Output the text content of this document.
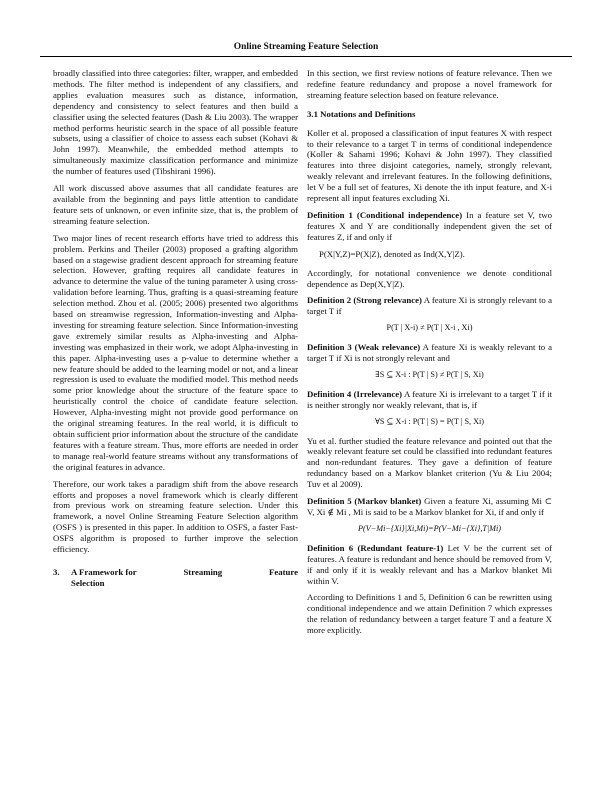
Online Streaming Feature Selection

broadly classified into three categories: filter, wrapper, and embedded methods. The filter method is independent of any classifiers, and applies evaluation measures such as distance, information, dependency and consistency to select features and then build a classifier using the selected features (Dash & Liu 2003). The wrapper method performs heuristic search in the space of all possible feature subsets, using a classifier of choice to assess each subset (Kohavi & John 1997). Meanwhile, the embedded method attempts to simultaneously maximize classification performance and minimize the number of features used (Tibshirani 1996).

All work discussed above assumes that all candidate features are available from the beginning and pays little attention to candidate feature sets of unknown, or even infinite size, that is, the problem of streaming feature selection.

Two major lines of recent research efforts have tried to address this problem. Perkins and Theiler (2003) proposed a grafting algorithm based on a stagewise gradient descent approach for streaming feature selection. However, grafting requires all candidate features in advance to determine the value of the tuning parameter λ using cross-validation before learning. Thus, grafting is a quasi-streaming feature selection method. Zhou et al. (2005; 2006) presented two algorithms based on streamwise regression, Information-investing and Alpha-investing for streaming feature selection. Since Information-investing gave extremely similar results as Alpha-investing and Alpha-investing was emphasized in their work, we adopt Alpha-investing in this paper. Alpha-investing uses a p-value to determine whether a new feature should be added to the learning model or not, and a linear regression is used to evaluate the modified model. This method needs some prior knowledge about the structure of the feature space to heuristically control the choice of candidate feature selection. However, Alpha-investing might not provide good performance on the original streaming features. In the real world, it is difficult to obtain sufficient prior information about the structure of the candidate features with a feature stream. Thus, more efforts are needed in order to manage real-world feature streams without any transformations of the original features in advance.

Therefore, our work takes a paradigm shift from the above research efforts and proposes a novel framework which is clearly different from previous work on streaming feature selection. Under this framework, a novel Online Streaming Feature Selection algorithm (OSFS ) is presented in this paper. In addition to OSFS, a faster Fast-OSFS algorithm is proposed to further improve the selection efficiency.

3.	A Framework for	Streaming	Feature
Selection

In this section, we first review notions of feature relevance. Then we redefine feature redundancy and propose a novel framework for streaming feature selection based on feature relevance.

3.1 Notations and Definitions

Koller et al. proposed a classification of input features X with respect to their relevance to a target T in terms of conditional independence (Koller & Sahami 1996; Kohavi & John 1997). They classified features into three disjoint categories, namely, strongly relevant, weakly relevant and irrelevant features. In the following definitions, let V be a full set of features, Xi denote the ith input feature, and X-i represent all input features excluding Xi.

Definition 1 (Conditional independence) In a feature set V, two features X and Y are conditionally independent given the set of features Z, if and only if

P(X|Y,Z)=P(X|Z), denoted as Ind(X,Y|Z).

Accordingly, for notational convenience we denote conditional dependence as Dep(X,Y|Z).

Definition 2 (Strong relevance) A feature Xi is strongly relevant to a target T if

P(T | X-i) ≠ P(T | X-i , Xi)

Definition 3 (Weak relevance) A feature Xi is weakly relevant to a target T if Xi is not strongly relevant and

∃S ⊆ X-i : P(T | S) ≠ P(T | S, Xi)

Definition 4 (Irrelevance) A feature Xi is irrelevant to a target T if it is neither strongly nor weakly relevant, that is, if

∀S ⊆ X-i : P(T | S) = P(T | S, Xi)

Yu et al. further studied the feature relevance and pointed out that the weakly relevant feature set could be classified into redundant features and non-redundant features. They gave a definition of feature redundancy based on a Markov blanket criterion (Yu & Liu 2004; Tuv et al 2009).

Definition 5 (Markov blanket) Given a feature Xi, assuming Mi ⊂ V, Xi ∉ Mi , Mi is said to be a Markov blanket for Xi, if and only if

P(V−Mi−{Xi}|Xi,Mi)=P(V−Mi−{Xi},T|Mi)

Definition 6 (Redundant feature-1) Let V be the current set of features. A feature is redundant and hence should be removed from V, if and only if it is weakly relevant and has a Markov blanket Mi within V.

According to Definitions 1 and 5, Definition 6 can be rewritten using conditional independence and we attain Definition 7 which expresses the relation of redundancy between a target feature T and a feature X more explicitly.
